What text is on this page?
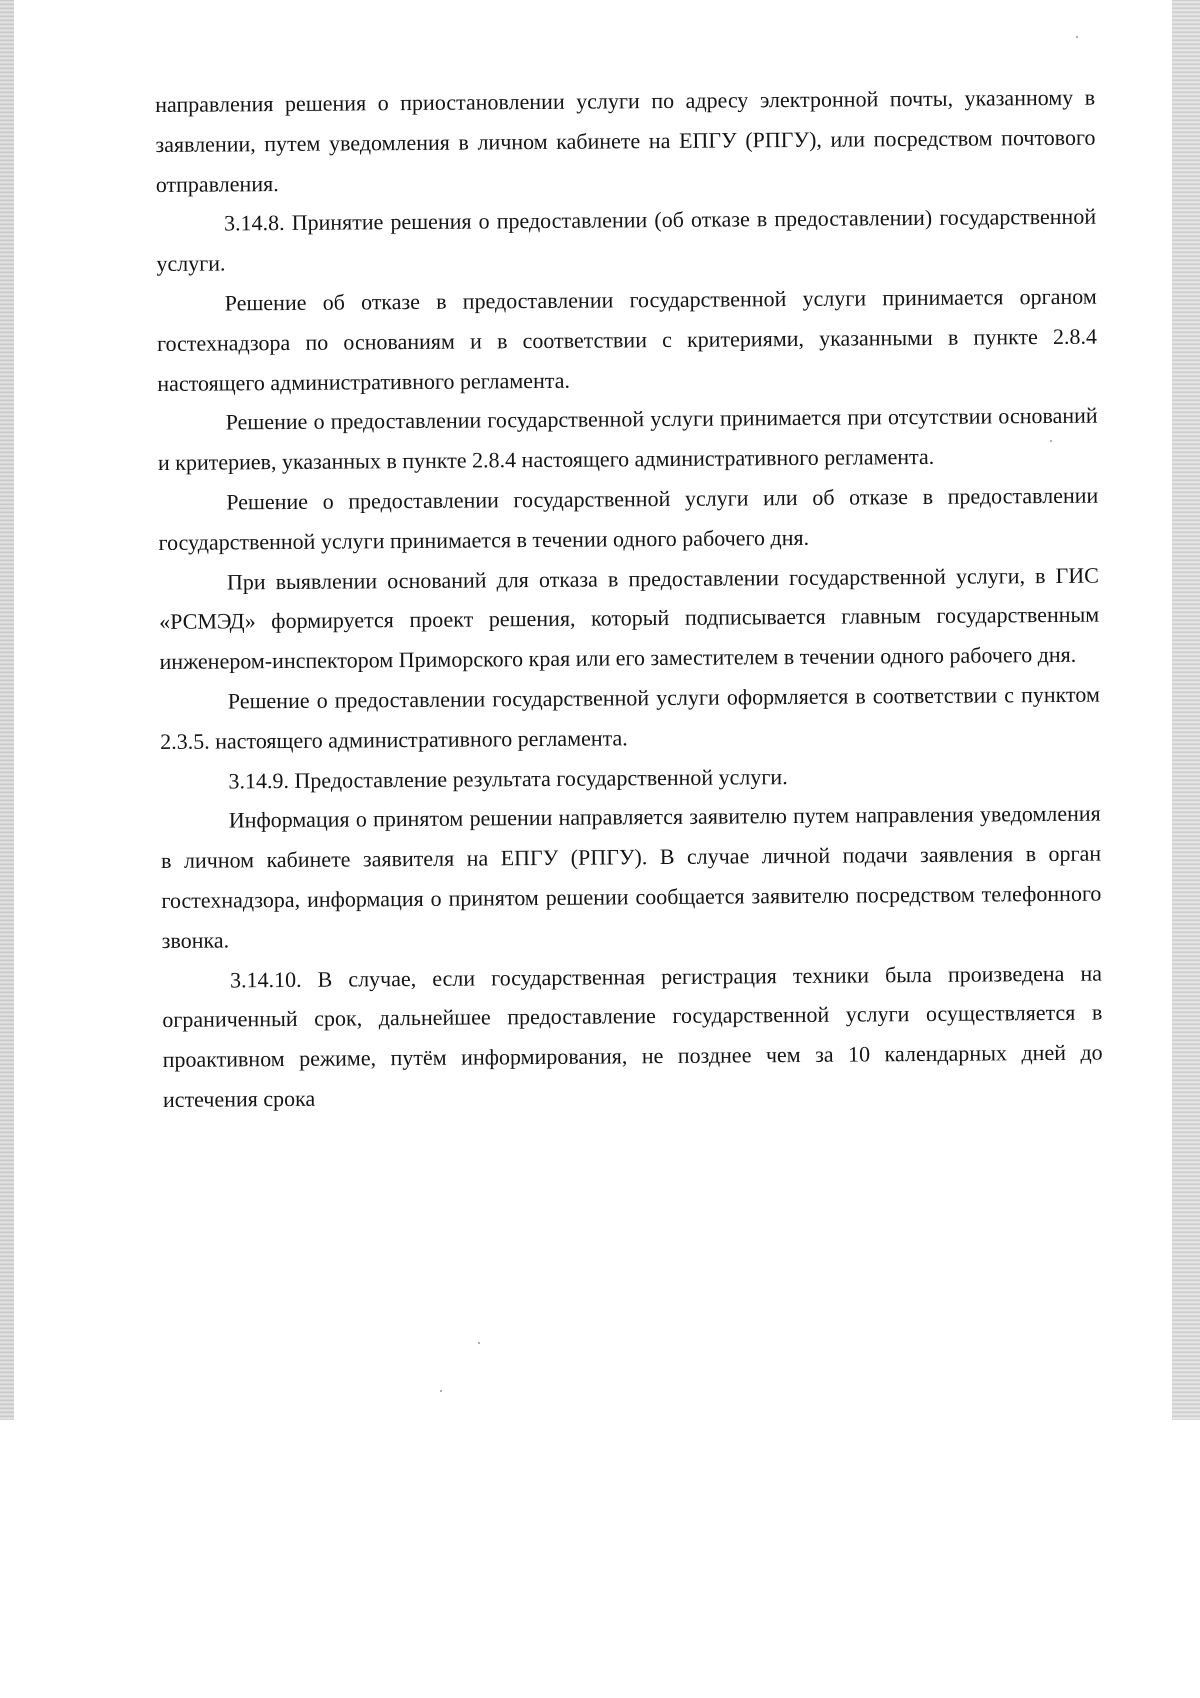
направления решения о приостановлении услуги по адресу электронной почты, указанному в заявлении, путем уведомления в личном кабинете на ЕПГУ (РПГУ), или посредством почтового отправления.

3.14.8. Принятие решения о предоставлении (об отказе в предоставлении) государственной услуги.

Решение об отказе в предоставлении государственной услуги принимается органом гостехнадзора по основаниям и в соответствии с критериями, указанными в пункте 2.8.4 настоящего административного регламента.

Решение о предоставлении государственной услуги принимается при отсутствии оснований и критериев, указанных в пункте 2.8.4 настоящего административного регламента.

Решение о предоставлении государственной услуги или об отказе в предоставлении государственной услуги принимается в течении одного рабочего дня.

При выявлении оснований для отказа в предоставлении государственной услуги, в ГИС «РСМЭД» формируется проект решения, который подписывается главным государственным инженером-инспектором Приморского края или его заместителем в течении одного рабочего дня.

Решение о предоставлении государственной услуги оформляется в соответствии с пунктом 2.3.5. настоящего административного регламента.

3.14.9. Предоставление результата государственной услуги.

Информация о принятом решении направляется заявителю путем направления уведомления в личном кабинете заявителя на ЕПГУ (РПГУ). В случае личной подачи заявления в орган гостехнадзора, информация о принятом решении сообщается заявителю посредством телефонного звонка.

3.14.10. В случае, если государственная регистрация техники была произведена на ограниченный срок, дальнейшее предоставление государственной услуги осуществляется в проактивном режиме, путём информирования, не позднее чем за 10 календарных дней до истечения срока
